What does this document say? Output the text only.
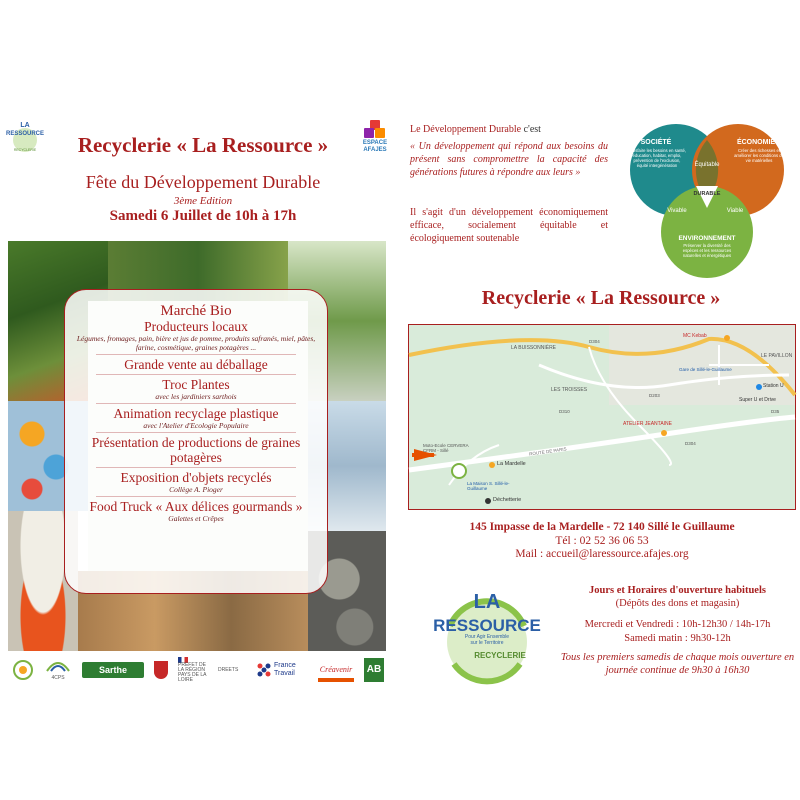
LA
RESSOURCE
RECYCLERIE
ESPACE
AFAJES
Recyclerie « La Ressource »
Fête du Développement Durable
3ème Edition
Samedi 6 Juillet de 10h à 17h
Marché Bio
Producteurs locaux
Légumes, fromages, pain, bière et jus de pomme, produits safranés, miel, pâtes, farine, cosmétique, graines potagères ...
Grande vente au déballage
Troc Plantes
avec les jardiniers sarthois
Animation recyclage plastique
avec l'Atelier d'Ecologie Populaire
Présentation de productions de graines potagères
Exposition d'objets recyclés
Collège A. Pioger
Food Truck « Aux délices gourmands »
Galettes et Crêpes
4CPS
Sarthe	PRÉFET DE LA RÉGION PAYS DE LA LOIRE
DREETS
France Travail	Créavenir AB
Le Développement Durable c'est
« Un développement qui répond aux besoins du présent sans compromettre la capacité des générations futures à répondre aux leurs »
Il s'agit d'un développement économiquement efficace, socialement équitable et écologiquement soutenable
SOCIÉTÉ
Satisfaire les besoins en santé, éducation, habitat, emploi, prévention de l'exclusion, équité intergénération
ÉCONOMIE
Créer des richesses et améliorer les conditions de vie matérielles
ENVIRONNEMENT
Préserver la diversité des espèces et les ressources naturelles et énergétiques
Équitable
DURABLE
Vivable	Viable
Recyclerie « La Ressource »
LA BUISSONNIÈRE
LE PAVILLON
LES TROISSES
ATELIER JEANTAINE
La Mardelle
Déchetterie
Moto-Ecole CERVERA CFRM - Sillé
La Maison S. Sillé-le-Guillaume
Gare de Sillé-le-Guillaume
Station U
Super U et Drive
MC Kebab
ROUTE DE PARIS
D304
D310
D203
D304
D35
145 Impasse de la Mardelle - 72 140 Sillé le Guillaume
Tél : 02 52 36 06 53
Mail : accueil@laressource.afajes.org
LA
RESSOURCE
Pour Agir Ensemble sur le Territoire
RECYCLERIE
Jours et Horaires d'ouverture habituels
(Dépôts des dons et magasin)
Mercredi et Vendredi : 10h-12h30 / 14h-17h
Samedi matin : 9h30-12h
Tous les premiers samedis de chaque mois ouverture en journée continue de 9h30 à 16h30
